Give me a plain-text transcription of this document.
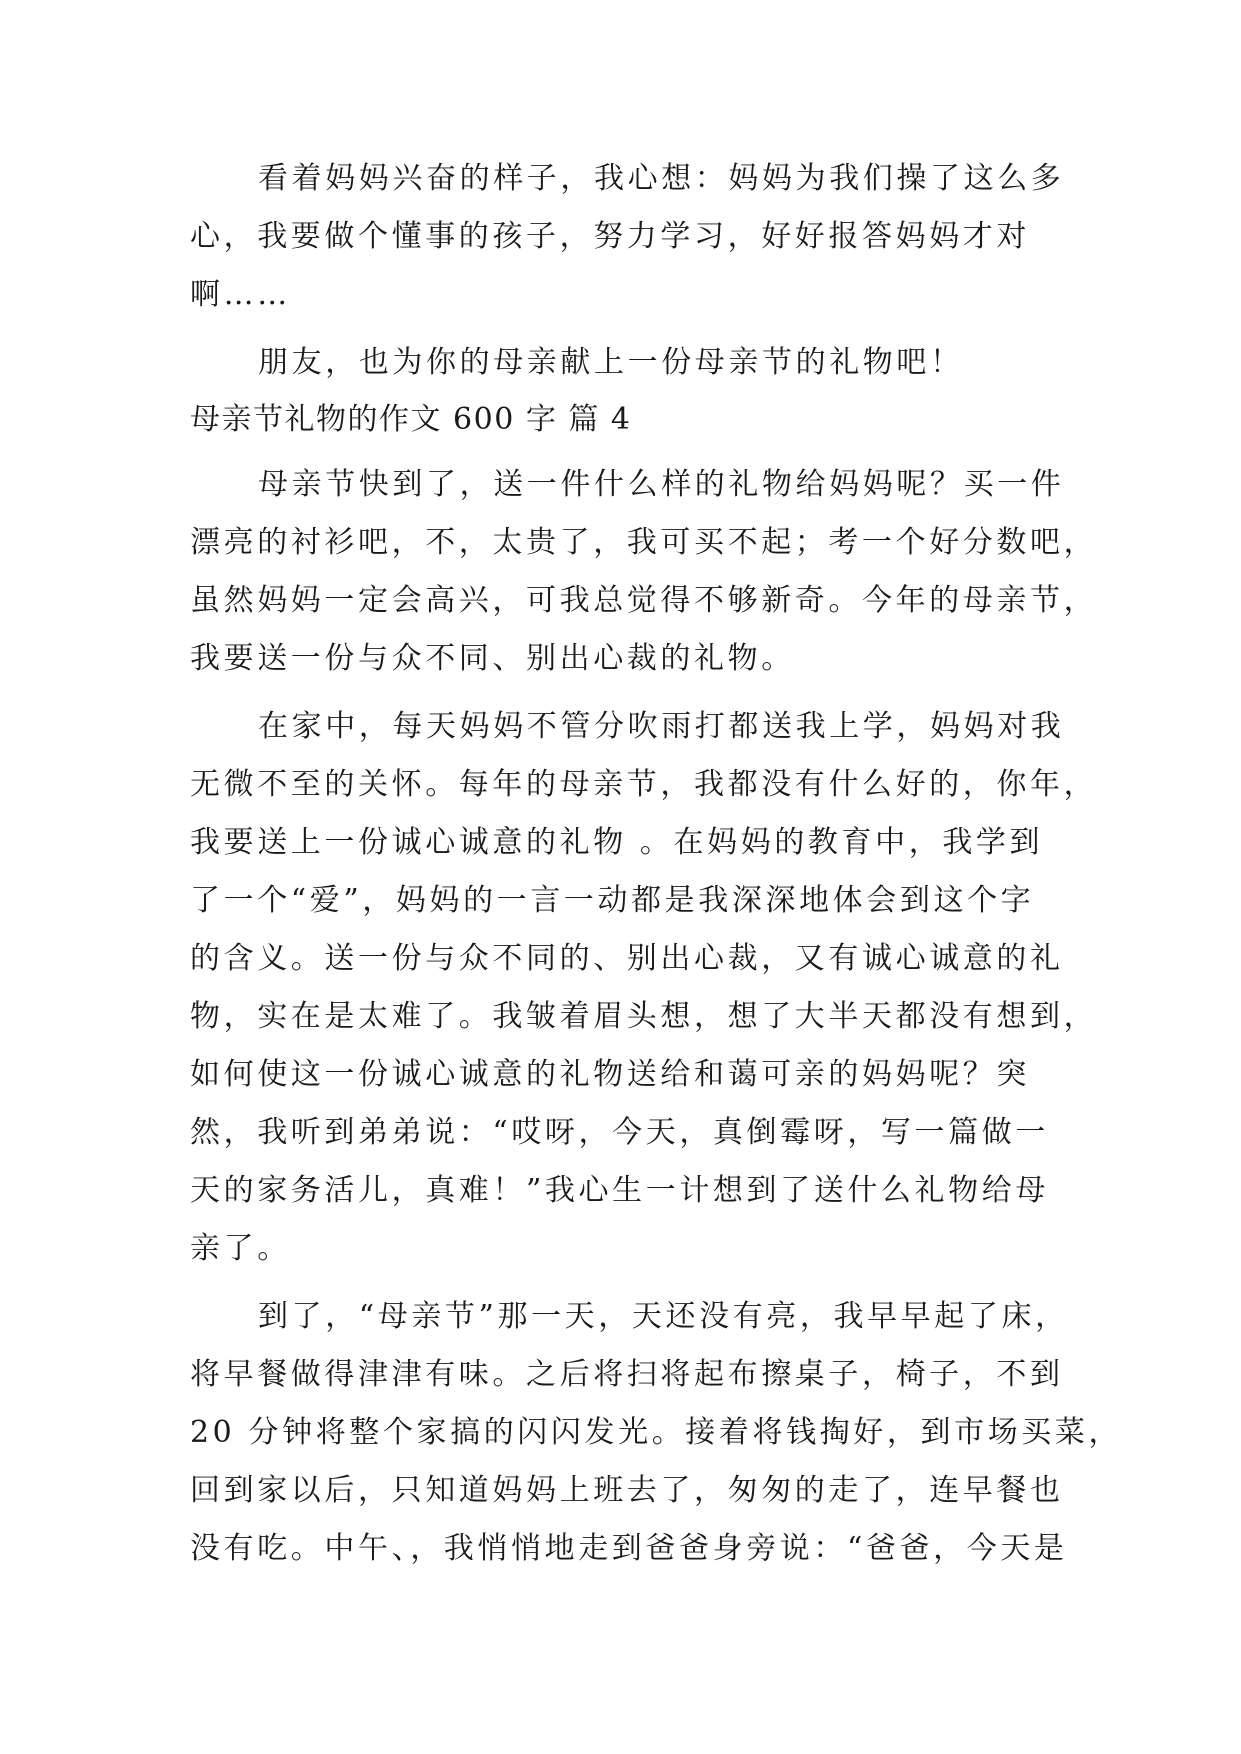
看着妈妈兴奋的样子，我心想：妈妈为我们操了这么多
心，我要做个懂事的孩子，努力学习，好好报答妈妈才对
啊……
朋友，也为你的母亲献上一份母亲节的礼物吧！
母亲节礼物的作文 600 字 篇 4
母亲节快到了，送一件什么样的礼物给妈妈呢？买一件
漂亮的衬衫吧，不，太贵了，我可买不起；考一个好分数吧，
虽然妈妈一定会高兴，可我总觉得不够新奇。今年的母亲节，
我要送一份与众不同、别出心裁的礼物。
在家中，每天妈妈不管分吹雨打都送我上学，妈妈对我
无微不至的关怀。每年的母亲节，我都没有什么好的，你年，
我要送上一份诚心诚意的礼物 。在妈妈的教育中，我学到
了一个“爱”，妈妈的一言一动都是我深深地体会到这个字
的含义。送一份与众不同的、别出心裁，又有诚心诚意的礼
物，实在是太难了。我皱着眉头想，想了大半天都没有想到，
如何使这一份诚心诚意的礼物送给和蔼可亲的妈妈呢？突
然，我听到弟弟说：“哎呀，今天，真倒霉呀，写一篇做一
天的家务活儿，真难！”我心生一计想到了送什么礼物给母
亲了。
到了，“母亲节”那一天，天还没有亮，我早早起了床，
将早餐做得津津有味。之后将扫将起布擦桌子，椅子，不到
20 分钟将整个家搞的闪闪发光。接着将钱掏好，到市场买菜，
回到家以后，只知道妈妈上班去了，匆匆的走了，连早餐也
没有吃。中午、，我悄悄地走到爸爸身旁说：“爸爸，今天是
